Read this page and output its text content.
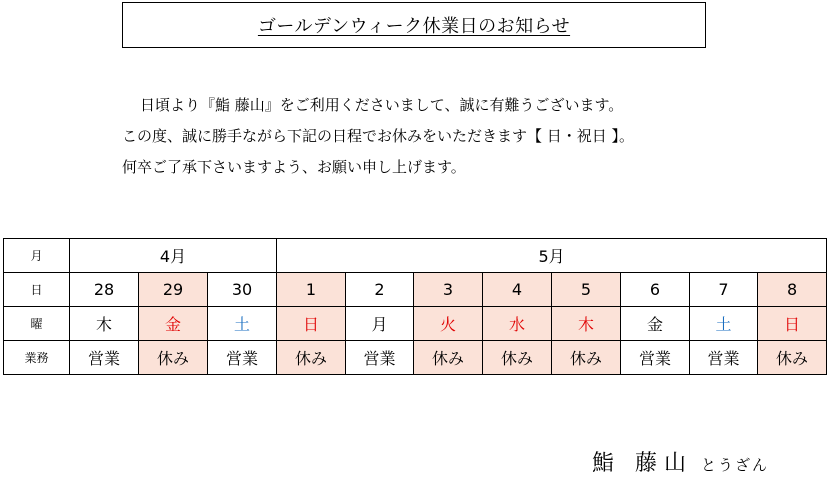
ゴールデンウィーク休業日のお知らせ
日頃より『鮨 藤山』をご利用くださいまして、誠に有難うございます。
この度、誠に勝手ながら下記の日程でお休みをいただきます【 日・祝日 】。
何卒ご了承下さいますよう、お願い申し上げます。
月	4月			5月							
日	28	29	30	1	2	3	4	5	6	7	8
曜	木	金	土	日	月	火	水	木	金	土	日
業務	営業	休み	営業	休み	営業	休み	休み	休み	営業	営業	休み
鮨 藤山 とうざん
